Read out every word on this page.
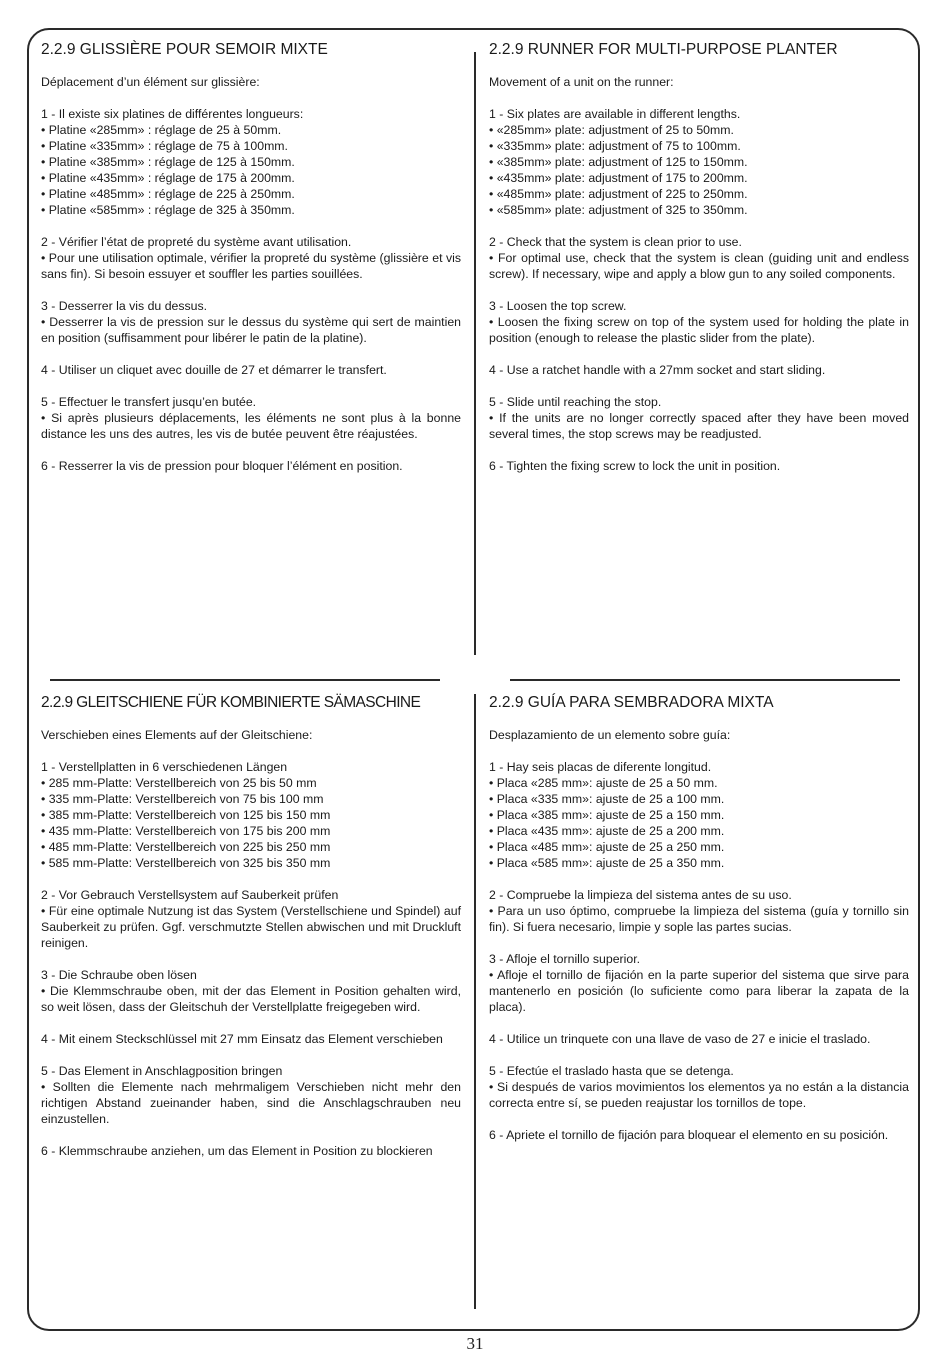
2.2.9 GLISSIÈRE POUR SEMOIR MIXTE

Déplacement d’un élément sur glissière:

1 - Il existe six platines de différentes longueurs:

• Platine «285mm» : réglage de 25 à 50mm.

• Platine «335mm» : réglage de 75 à 100mm.

• Platine «385mm» : réglage de 125 à 150mm.

• Platine «435mm» : réglage de 175 à 200mm.

• Platine «485mm» : réglage de 225 à 250mm.

• Platine «585mm» : réglage de 325 à 350mm.

2 - Vérifier l’état de propreté du système avant utilisation.

• Pour une utilisation optimale, vérifier la propreté du système (glissière et vis sans fin). Si besoin essuyer et souffler les parties souillées.

3 - Desserrer la vis du dessus.

• Desserrer la vis de pression sur le dessus du système qui sert de maintien en position (suffisamment pour libérer le patin de la platine).

4 - Utiliser un cliquet avec douille de 27 et démarrer le transfert.

5 - Effectuer le transfert jusqu’en butée.

• Si après plusieurs déplacements, les éléments ne sont plus à la bonne distance les uns des autres, les vis de butée peuvent être réajustées.

6 - Resserrer la vis de pression pour bloquer l’élément en position.

2.2.9 RUNNER FOR MULTI-PURPOSE PLANTER

Movement of a unit on the runner:

1 - Six plates are available in different lengths.

• «285mm» plate: adjustment of 25 to 50mm.

• «335mm» plate: adjustment of 75 to 100mm.

• «385mm» plate: adjustment of 125 to 150mm.

• «435mm» plate: adjustment of 175 to 200mm.

• «485mm» plate: adjustment of 225 to 250mm.

• «585mm» plate: adjustment of 325 to 350mm.

2 - Check that the system is clean prior to use.

• For optimal use, check that the system is clean (guiding unit and endless screw). If necessary, wipe and apply a blow gun to any soiled components.

3 - Loosen the top screw.

• Loosen the fixing screw on top of the system used for holding the plate in position (enough to release the plastic slider from the plate).

4 - Use a ratchet handle with a 27mm socket and start sliding.

5 - Slide until reaching the stop.

• If the units are no longer correctly spaced after they have been moved several times, the stop screws may be readjusted.

6 - Tighten the fixing screw to lock the unit in position.

2.2.9 GLEITSCHIENE FÜR KOMBINIERTE SÄMASCHINE

Verschieben eines Elements auf der Gleitschiene:

1 - Verstellplatten in 6 verschiedenen Längen

• 285 mm-Platte: Verstellbereich von 25 bis 50 mm

• 335 mm-Platte: Verstellbereich von 75 bis 100 mm

• 385 mm-Platte: Verstellbereich von 125 bis 150 mm

• 435 mm-Platte: Verstellbereich von 175 bis 200 mm

• 485 mm-Platte: Verstellbereich von 225 bis 250 mm

• 585 mm-Platte: Verstellbereich von 325 bis 350 mm

2 - Vor Gebrauch Verstellsystem auf Sauberkeit prüfen

• Für eine optimale Nutzung ist das System (Verstellschiene und Spindel) auf Sauberkeit zu prüfen. Ggf. verschmutzte Stellen abwischen und mit Druckluft reinigen.

3 - Die Schraube oben lösen

• Die Klemmschraube oben, mit der das Element in Position gehalten wird, so weit lösen, dass der Gleitschuh der Verstellplatte freigegeben wird.

4 - Mit einem Steckschlüssel mit 27 mm Einsatz das Element verschieben

5 - Das Element in Anschlagposition bringen

• Sollten die Elemente nach mehrmaligem Verschieben nicht mehr den richtigen Abstand zueinander haben, sind die Anschlagschrauben neu einzustellen.

6 - Klemmschraube anziehen, um das Element in Position zu blockieren

2.2.9 GUÍA PARA SEMBRADORA MIXTA

Desplazamiento de un elemento sobre guía:

1 - Hay seis placas de diferente longitud.

• Placa «285 mm»: ajuste de 25 a 50 mm.

• Placa «335 mm»: ajuste de 25 a 100 mm.

• Placa «385 mm»: ajuste de 25 a 150 mm.

• Placa «435 mm»: ajuste de 25 a 200 mm.

• Placa «485 mm»: ajuste de 25 a 250 mm.

• Placa «585 mm»: ajuste de 25 a 350 mm.

2 - Compruebe la limpieza del sistema antes de su uso.

• Para un uso óptimo, compruebe la limpieza del sistema (guía y tornillo sin fin). Si fuera necesario, limpie y sople las partes sucias.

3 - Afloje el tornillo superior.

• Afloje el tornillo de fijación en la parte superior del sistema que sirve para mantenerlo en posición (lo suficiente como para liberar la zapata de la placa).

4 - Utilice un trinquete con una llave de vaso de 27 e inicie el traslado.

5 - Efectúe el traslado hasta que se detenga.

• Si después de varios movimientos los elementos ya no están a la distancia correcta entre sí, se pueden reajustar los tornillos de tope.

6 - Apriete el tornillo de fijación para bloquear el elemento en su posición.

31
